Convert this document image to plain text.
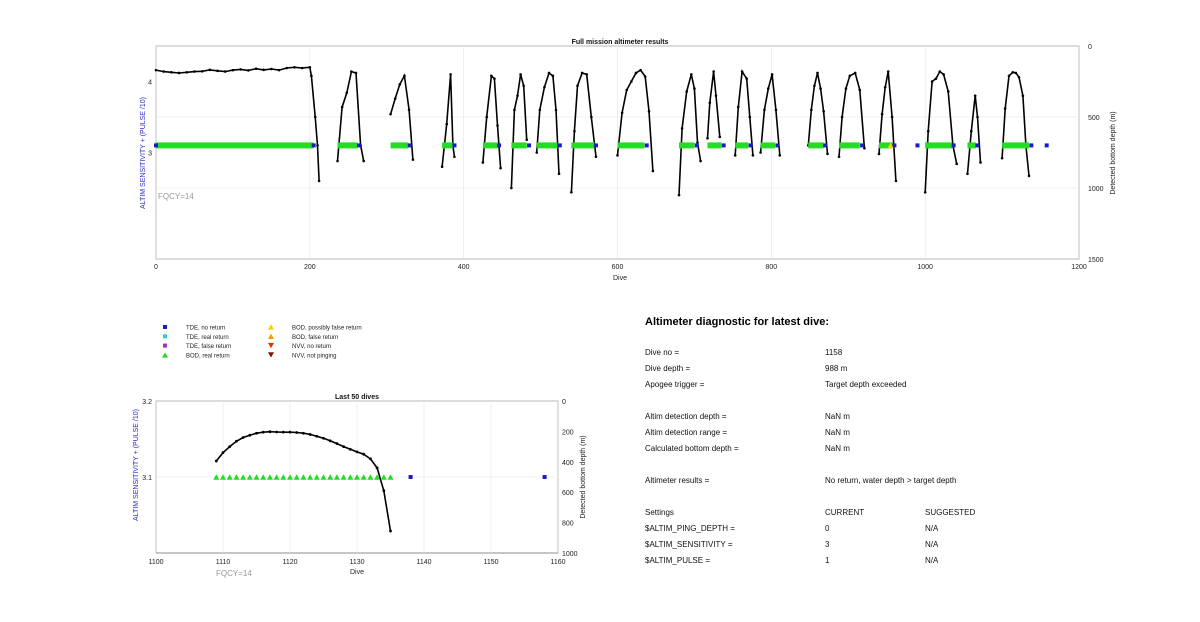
Full mission altimeter results
0	200	400	600	800	1000	1200
3
4
0
500
1000
1500
Dive
ALTIM SENSITIVITY + (PULSE /10)	Detected bottom depth (m)
FQCY=14
TDE, no return
TDE, real return
TDE, false return
BOD, real return
BOD, possibly false return
BOD, false return
NVV, no return
NVV, not pinging
Last 50 dives
1100	1110	1120	1130	1140	1150	1160
3.1
3.2	0
200
400
600
800
1000
Dive
ALTIM SENSITIVITY + (PULSE /10)	Detected bottom depth (m)
FQCY=14
Altimeter diagnostic for latest dive:
Dive no =	1158
Dive depth =	988 m
Apogee trigger =	Target depth exceeded
Altim detection depth =	NaN m
Altim detection range =	NaN m
Calculated bottom depth =	NaN m
Altimeter results =	No return, water depth > target depth
Settings	CURRENT	SUGGESTED
$ALTIM_PING_DEPTH =	0	N/A
$ALTIM_SENSITIVITY =	3	N/A
$ALTIM_PULSE =	1	N/A
